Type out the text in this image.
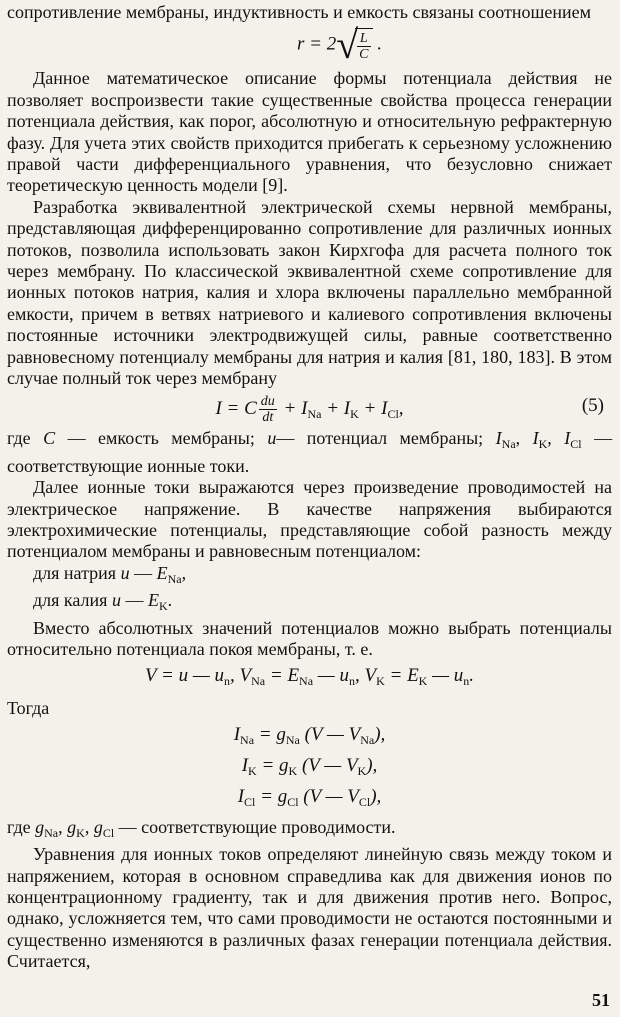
сопротивление мембраны, индуктивность и емкость связаны соотношением

$r = 2√ \frac{L}{C}$ .

Данное математическое описание формы потенциала действия не позволяет воспроизвести такие существенные свойства процесса генерации потенциала действия, как порог, абсолютную и относительную рефрактерную фазу. Для учета этих свойств приходится прибегать к серьезному усложнению правой части дифференциального уравнения, что безусловно снижает теоретическую ценность модели [9].

Разработка эквивалентной электрической схемы нервной мембраны, представляющая дифференцированно сопротивление для различных ионных потоков, позволила использовать закон Кирхгофа для расчета полного ток через мембрану. По классической эквивалентной схеме сопротивление для ионных потоков натрия, калия и хлора включены параллельно мембранной емкости, причем в ветвях натриевого и калиевого сопротивления включены постоянные источники электродвижущей силы, равные соответственно равновесному потенциалу мембраны для натрия и калия [81, 180, 183]. В этом случае полный ток через мембрану

I = C $\frac{du}{dt} + I_{Na} + I_K + I_{Cl}$,	(5)

где C — емкость мембраны; u— потенциал мембраны; $I_{Na}$, $I_K$, $I_{Cl}$ — соответствующие ионные токи.

Далее ионные токи выражаются через произведение проводимостей на электрическое напряжение. В качестве напряжения выбираются электрохимические потенциалы, представляющие собой разность между потенциалом мембраны и равновесным потенциалом:

для натрия u — $E_{Na}$,

для калия u — $E_K$.

Вместо абсолютных значений потенциалов можно выбрать потенциалы относительно потенциала покоя мембраны, т. е.

V = u — $u_n$, $V_{Na} = E_{Na}$ — $u_n$, $V_K = E_K$ — $u_n$.

Тогда

$I_{Na} = g_{Na}$ (V — $V_{Na}$),
$I_K = g_K$ (V — $V_K$),
$I_{Cl} = g_{Cl}$ (V — $V_{Cl}$),

где $g_{Na}$, $g_K$, $g_{Cl}$ — соответствующие проводимости.

Уравнения для ионных токов определяют линейную связь между током и напряжением, которая в основном справедлива как для движения ионов по концентрационному градиенту, так и для движения против него. Вопрос, однако, усложняется тем, что сами проводимости не остаются постоянными и существенно изменяются в различных фазах генерации потенциала действия. Считается,

51
